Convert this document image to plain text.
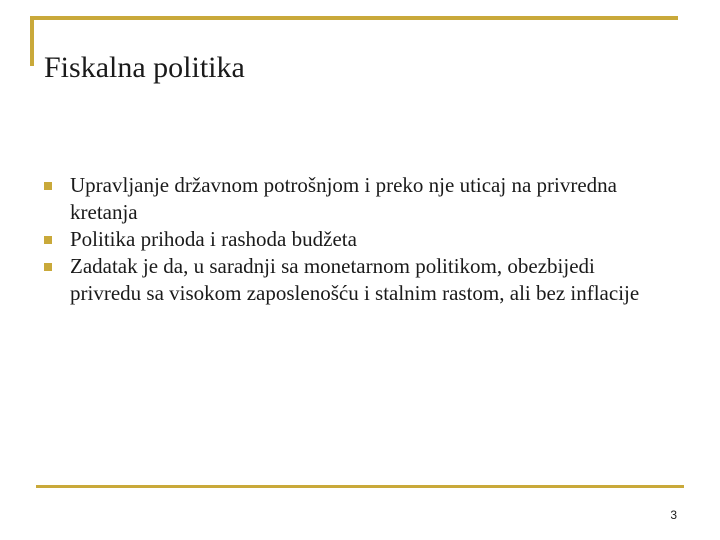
Fiskalna politika
Upravljanje državnom potrošnjom i preko nje uticaj na privredna kretanja
Politika prihoda i rashoda budžeta
Zadatak je da, u saradnji sa monetarnom politikom, obezbijedi privredu sa visokom zaposlenošću i stalnim rastom, ali bez inflacije
3
